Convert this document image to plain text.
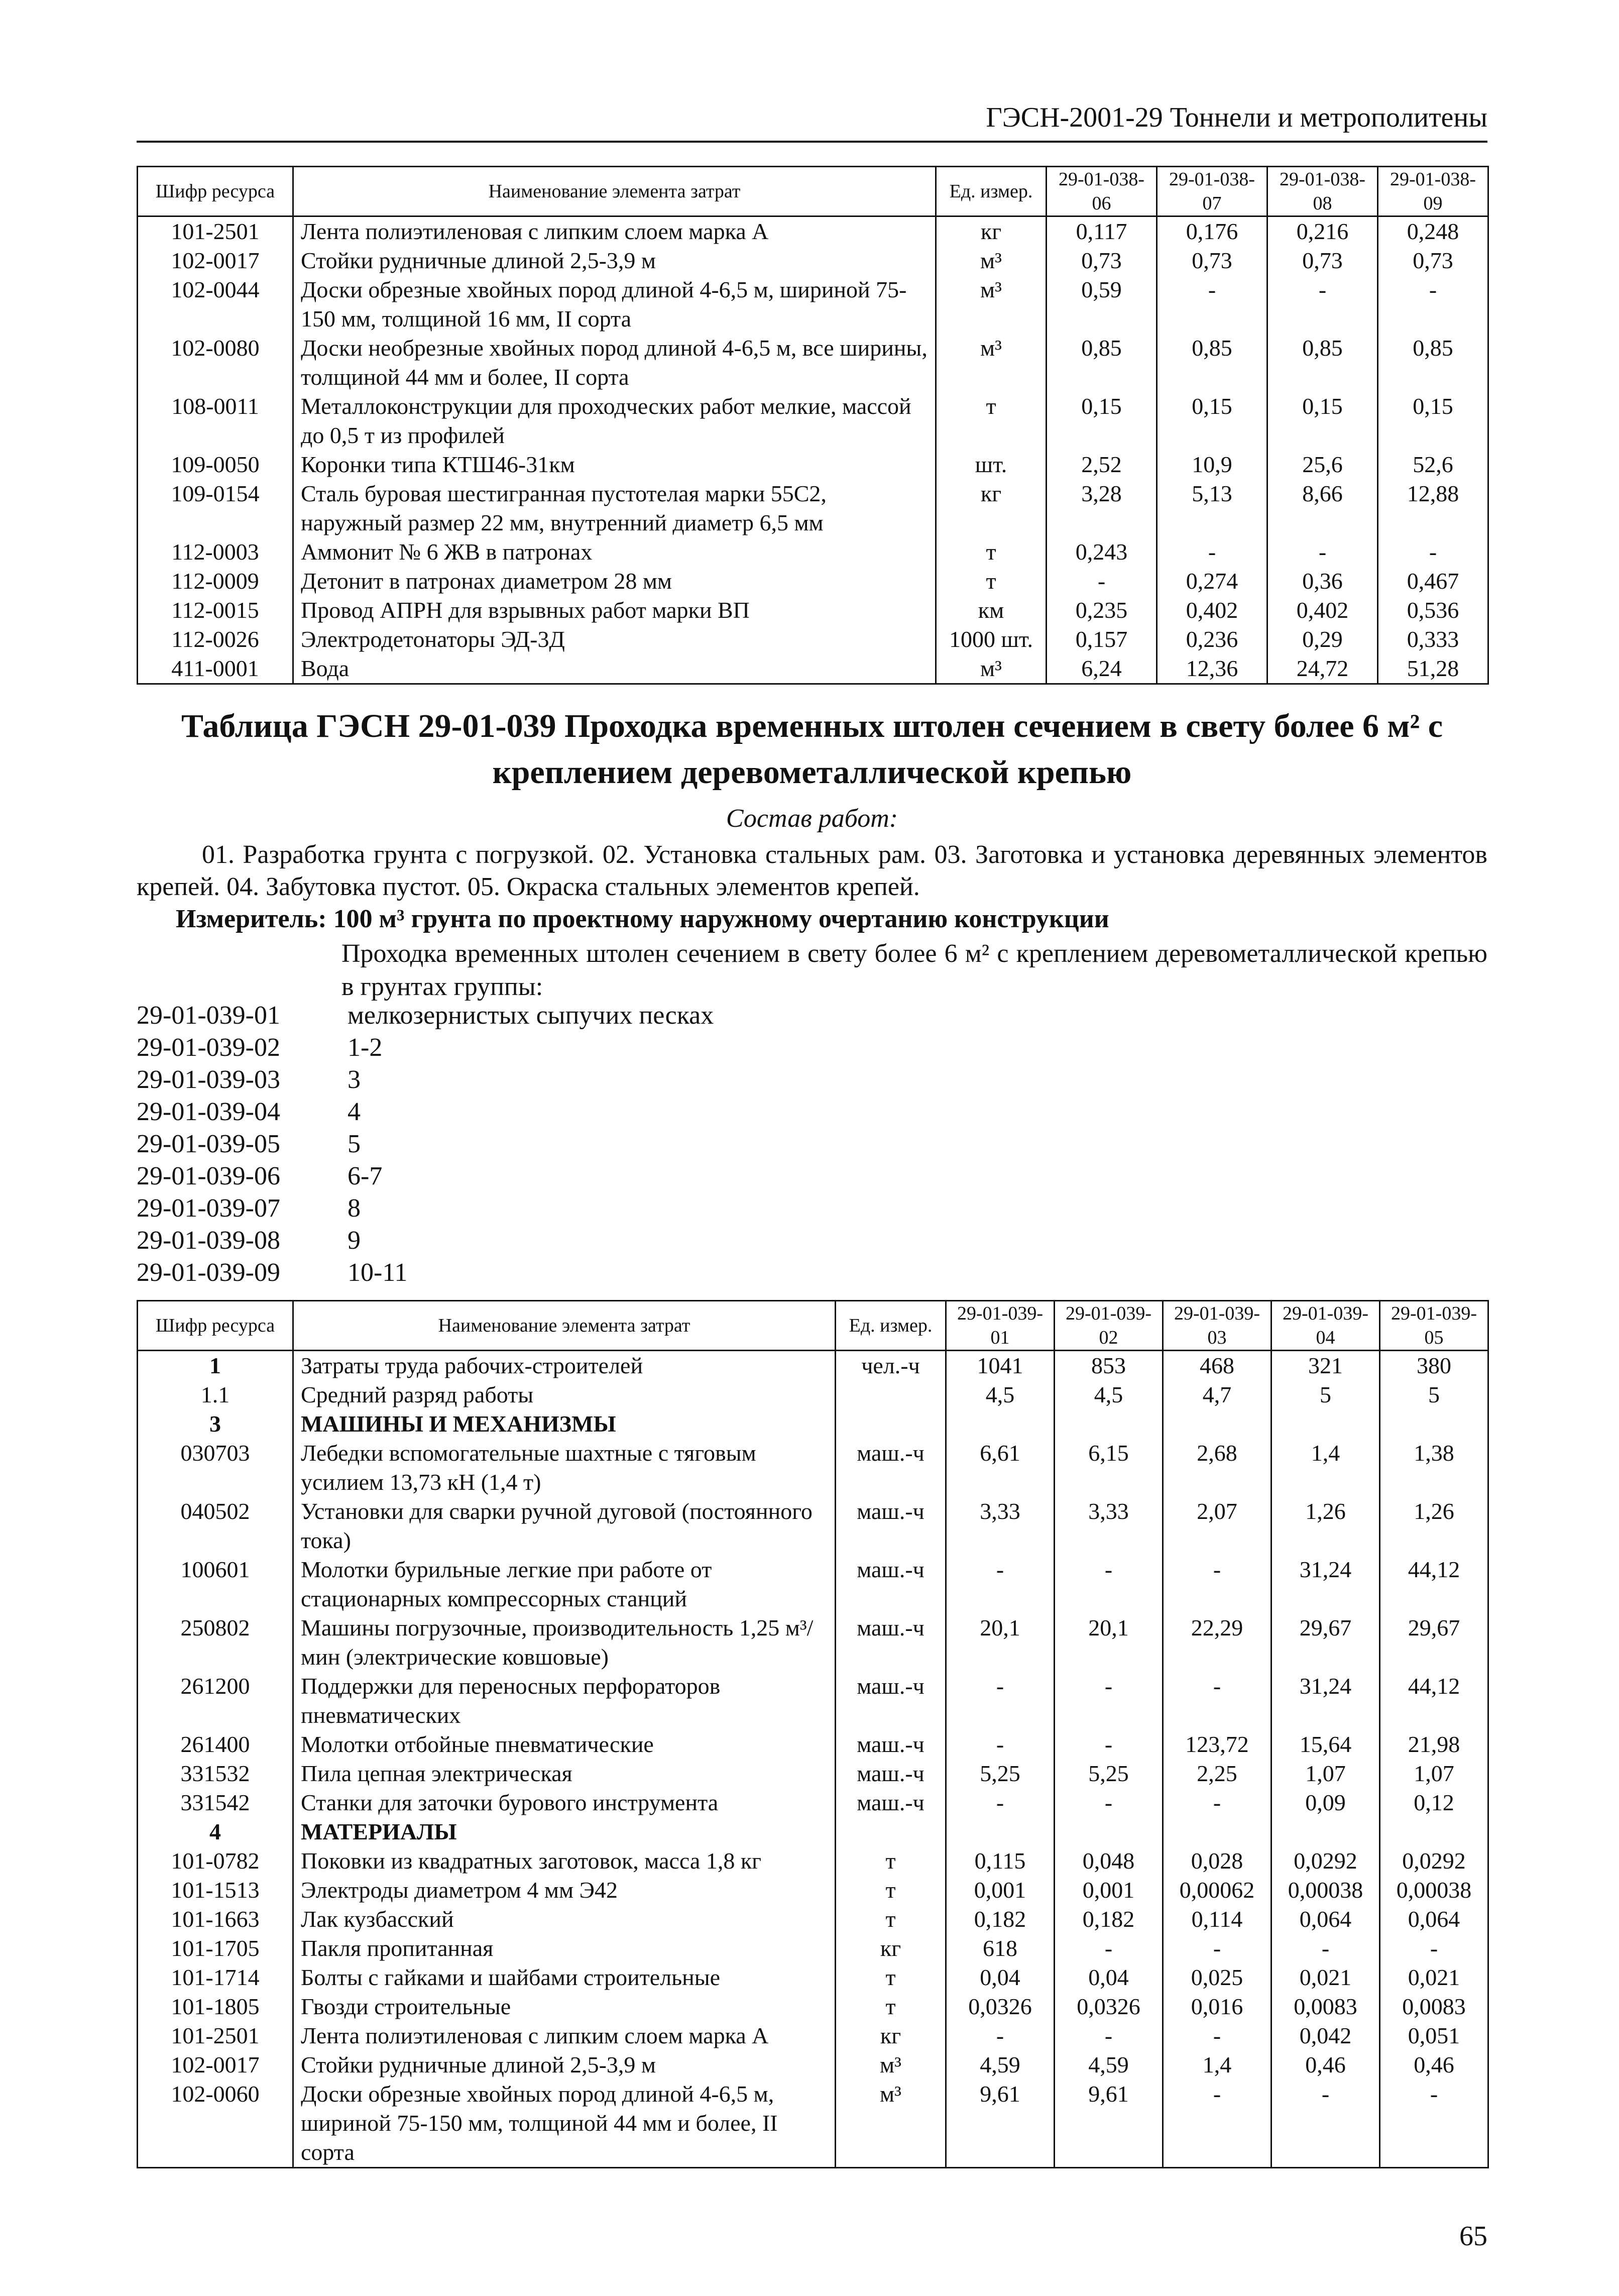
ГЭСН-2001-29 Тоннели и метрополитены
Шифр ресурса	Наименование элемента затрат	Ед. измер.	29-01-038-06	29-01-038-07	29-01-038-08	29-01-038-09
101-2501	Лента полиэтиленовая с липким слоем марка А	кг	0,117	0,176	0,216	0,248
102-0017	Стойки рудничные длиной 2,5-3,9 м	м³	0,73	0,73	0,73	0,73
102-0044	Доски обрезные хвойных пород длиной 4-6,5 м, шириной 75-150 мм, толщиной 16 мм, II сорта	м³	0,59	-	-	-
102-0080	Доски необрезные хвойных пород длиной 4-6,5 м, все ширины, толщиной 44 мм и более, II сорта	м³	0,85	0,85	0,85	0,85
108-0011	Металлоконструкции для проходческих работ мелкие, массой до 0,5 т из профилей	т	0,15	0,15	0,15	0,15
109-0050	Коронки типа КТШ46-31км	шт.	2,52	10,9	25,6	52,6
109-0154	Сталь буровая шестигранная пустотелая марки 55С2, наружный размер 22 мм, внутренний диаметр 6,5 мм	кг	3,28	5,13	8,66	12,88
112-0003	Аммонит № 6 ЖВ в патронах	т	0,243	-	-	-
112-0009	Детонит в патронах диаметром 28 мм	т	-	0,274	0,36	0,467
112-0015	Провод АПРН для взрывных работ марки ВП	км	0,235	0,402	0,402	0,536
112-0026	Электродетонаторы ЭД-3Д	1000 шт.	0,157	0,236	0,29	0,333
411-0001	Вода	м³	6,24	12,36	24,72	51,28
Таблица ГЭСН 29-01-039 Проходка временных штолен сечением в свету более 6 м² с
креплением деревометаллической крепью
Состав работ:
01. Разработка грунта с погрузкой. 02. Установка стальных рам. 03. Заготовка и установка деревянных элементов крепей. 04. Забутовка пустот. 05. Окраска стальных элементов крепей.
Измеритель: 100 м³ грунта по проектному наружному очертанию конструкции
Проходка временных штолен сечением в свету более 6 м² с креплением деревометаллической крепью в грунтах группы:
29-01-039-01	мелкозернистых сыпучих песках
29-01-039-02	1-2
29-01-039-03	3
29-01-039-04	4
29-01-039-05	5
29-01-039-06	6-7
29-01-039-07	8
29-01-039-08	9
29-01-039-09	10-11
Шифр ресурса	Наименование элемента затрат	Ед. измер.	29-01-039-01	29-01-039-02	29-01-039-03	29-01-039-04	29-01-039-05
1	Затраты труда рабочих-строителей	чел.-ч	1041	853	468	321	380
1.1	Средний разряд работы		4,5	4,5	4,7	5	5
3	МАШИНЫ И МЕХАНИЗМЫ						
030703	Лебедки вспомогательные шахтные с тяговым усилием 13,73 кН (1,4 т)	маш.-ч	6,61	6,15	2,68	1,4	1,38
040502	Установки для сварки ручной дуговой (постоянного тока)	маш.-ч	3,33	3,33	2,07	1,26	1,26
100601	Молотки бурильные легкие при работе от стационарных компрессорных станций	маш.-ч	-	-	-	31,24	44,12
250802	Машины погрузочные, производительность 1,25 м³/мин (электрические ковшовые)	маш.-ч	20,1	20,1	22,29	29,67	29,67
261200	Поддержки для переносных перфораторов пневматических	маш.-ч	-	-	-	31,24	44,12
261400	Молотки отбойные пневматические	маш.-ч	-	-	123,72	15,64	21,98
331532	Пила цепная электрическая	маш.-ч	5,25	5,25	2,25	1,07	1,07
331542	Станки для заточки бурового инструмента	маш.-ч	-	-	-	0,09	0,12
4	МАТЕРИАЛЫ						
101-0782	Поковки из квадратных заготовок, масса 1,8 кг	т	0,115	0,048	0,028	0,0292	0,0292
101-1513	Электроды диаметром 4 мм Э42	т	0,001	0,001	0,00062	0,00038	0,00038
101-1663	Лак кузбасский	т	0,182	0,182	0,114	0,064	0,064
101-1705	Пакля пропитанная	кг	618	-	-	-	-
101-1714	Болты с гайками и шайбами строительные	т	0,04	0,04	0,025	0,021	0,021
101-1805	Гвозди строительные	т	0,0326	0,0326	0,016	0,0083	0,0083
101-2501	Лента полиэтиленовая с липким слоем марка А	кг	-	-	-	0,042	0,051
102-0017	Стойки рудничные длиной 2,5-3,9 м	м³	4,59	4,59	1,4	0,46	0,46
102-0060	Доски обрезные хвойных пород длиной 4-6,5 м, шириной 75-150 мм, толщиной 44 мм и более, II сорта	м³	9,61	9,61	-	-	-
65
